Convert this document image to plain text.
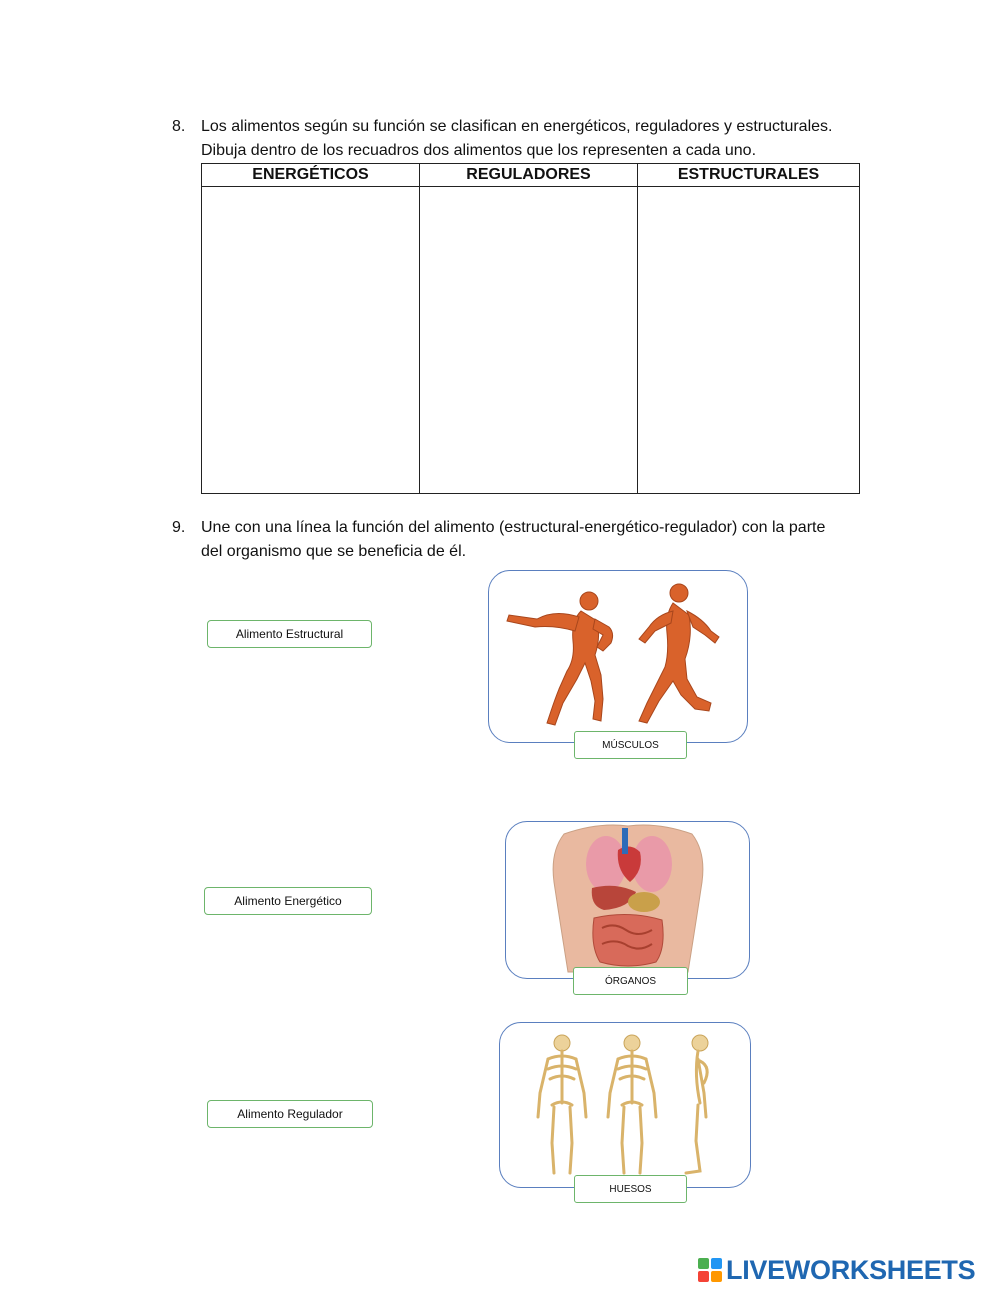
8. Los alimentos según su función se clasifican en energéticos, reguladores y estructurales.
Dibuja dentro de los recuadros dos alimentos que los representen a cada uno.
ENERGÉTICOS	REGULADORES	ESTRUCTURALES

9. Une con una línea la función del alimento (estructural-energético-regulador) con la parte
del organismo que se beneficia de él.
Alimento Estructural
Alimento Energético
Alimento Regulador
MÚSCULOS
ÓRGANOS
HUESOS
LIVEWORKSHEETS
